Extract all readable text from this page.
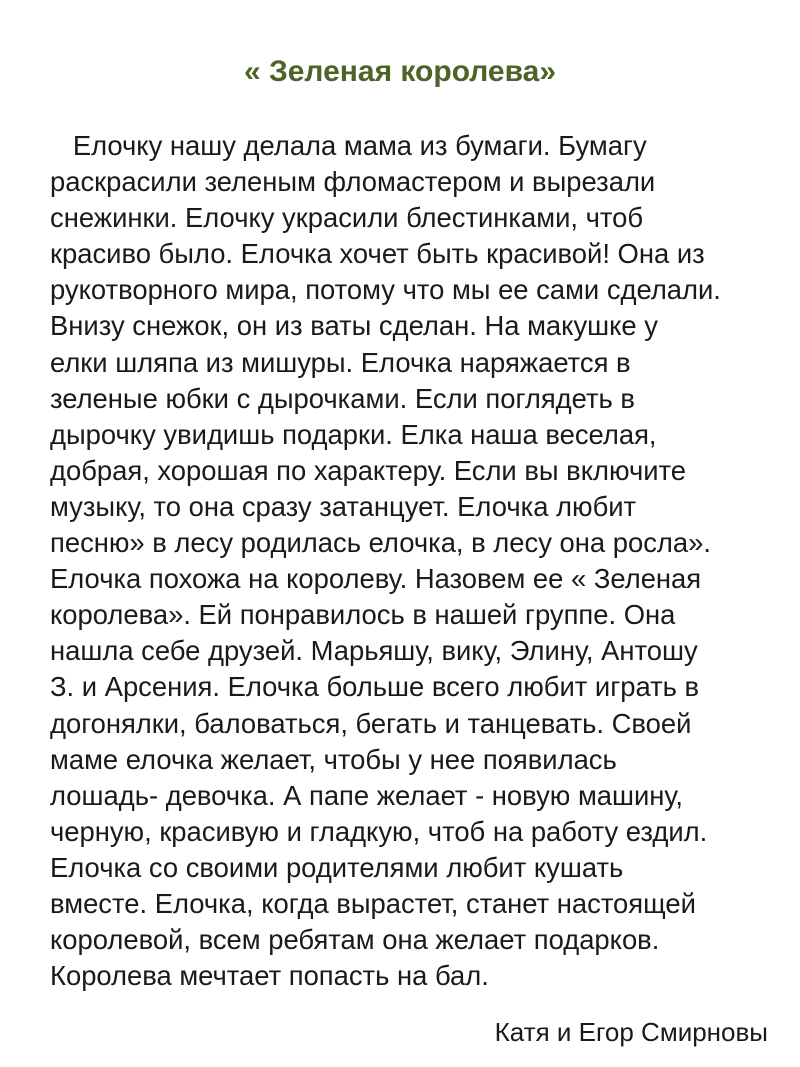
« Зеленая королева»
Елочку нашу делала мама из бумаги. Бумагу
раскрасили зеленым фломастером и вырезали
снежинки. Елочку украсили блестинками, чтоб
красиво было. Елочка хочет быть красивой! Она из
рукотворного мира, потому что мы ее сами сделали.
Внизу снежок, он из ваты сделан. На макушке у
елки шляпа из мишуры. Елочка наряжается в
зеленые юбки с дырочками. Если поглядеть в
дырочку увидишь подарки. Елка наша веселая,
добрая, хорошая по характеру. Если вы включите
музыку, то она сразу затанцует. Елочка любит
песню» в лесу родилась елочка, в лесу она росла».
Елочка похожа на королеву. Назовем ее « Зеленая
королева». Ей понравилось в нашей группе. Она
нашла себе друзей. Марьяшу, вику, Элину, Антошу
З. и Арсения. Елочка больше всего любит играть в
догонялки, баловаться, бегать и танцевать. Своей
маме елочка желает, чтобы у нее появилась
лошадь- девочка. А папе желает - новую машину,
черную, красивую и гладкую, чтоб на работу ездил.
Елочка со своими родителями любит кушать
вместе. Елочка, когда вырастет, станет настоящей
королевой, всем ребятам она желает подарков.
Королева мечтает попасть на бал.

Катя и Егор Смирновы
